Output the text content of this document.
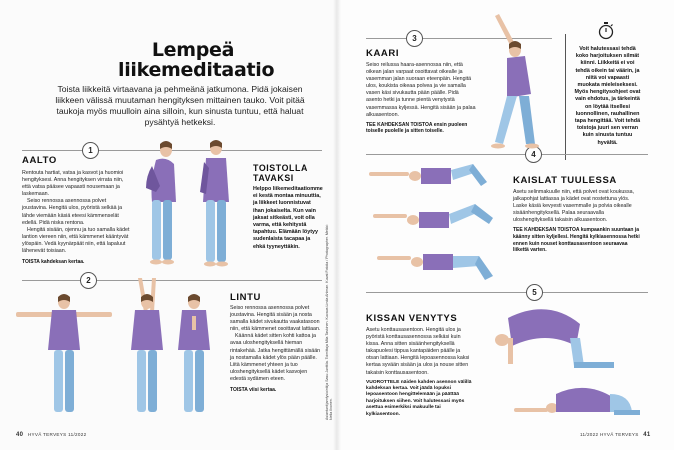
Lempeä liikemeditaatio
Toista liikkeitä virtaavana ja pehmeänä jatkumona. Pidä jokaisen liikkeen välissä muutaman hengityksen mittainen tauko. Voit pitää taukoja myös muulloin aina silloin, kun sinusta tuntuu, että haluat pysähtyä hetkeksi.
1
AALTO

Rentouta hartiat, vatsa ja kasvot ja huomioi hengityksesi. Anna hengityksen virrata niin, että vatsa pääsee vapaasti nousemaan ja laskemaan.

Seiso rennossa asennossa polvet joustavina. Hengitä ulos, pyöristä selkää ja lähde viemään käsiä eteesi kämmenselät edellä. Pidä niska rentona.

Hengitä sisään, ojennu ja tuo samalla kädet lantion viereen niin, että kämmenet kääntyvät ylöspäin. Vedä kyynärpäät niin, että lapaluut lähenevät toisiaan.

TOISTA kahdeksan kertaa.

TOISTOLLA TAVAKSI
Helppo liikemeditaatiomme ei kestä montaa minuuttia, ja liikkeet luonnistuvat ihan jokaiselta. Kun vain jaksat sitkeästi, voit olla varma, että kehitystä tapahtuu. Elämään löytyy sudenlaista tacapaa ja ehkä tyyneyttäkin.
2
LINTU

Seiso rennossa asennossa polvet joustavina. Hengitä sisään ja nosta samalla kädet sivukautta vaakatasoon niin, että kämmenet osoittavat lattiaan.

Käännä kädet sitten kohti kattoa ja avaa uloshengityksellä hieman rintakehää. Jatka hengittämällä sisään ja nostamalla kädet ylös pään päälle. Liitä kämmenet yhteen ja tuo uloshengityksellä kädet kasvojen edestä sydämen eteen.

TOISTA viisi kertaa.

40 HYVÄ TERVEYS 11/2022
Asiantuntijamfysiointiija Sasu Junttila. Toimittaja Mila Taskinen. Kuvaus Linda Ahlman. Kuvat Fotolia / Photographer. Meikki: Nella Ilvonen.
3
KAARI

Seiso reilussa haara-asennossa niin, että oikean jalan varpaat osoittavat oikealle ja vasemman jalan suoraan eteenpäin. Hengitä ulos, koukista oikeaa polvea ja vie samalla vasen käsi sivukautta pään päälle. Pidä asento hetki ja tunne pientä venytystä vasemmassa kyljessä. Hengitä sisään ja palaa alkuasentoon.

TEE KAHDEKSAN TOISTOA ensin puoleen toiselle puolelle ja sitten toiselle.

Voit halutessasi tehdä koko harjoituksen silmät kiinni. Liikkeitä ei voi tehdä oikein tai väärin, ja niitä voi vapaasti muokata mieleiseksesi. Myös hengitysohjeet ovat vain ehdotus, ja tärkeintä on löytää itsellesi luonnollinen, rauhallinen tapa hengittää. Voit tehdä toistoja juuri sen verran kuin sinusta tuntuu hyvältä.
4
KAISLAT TUULESSA

Asetu selinmakuulle niin, että polvet ovat koukussa, jalkapohjat lattiassa ja kädet ovat nostettuna ylös. Laske käsiä kevyesti vasemmalle ja polvia oikealle sisäänhengityksellä. Palaa seuraavalla uloshengityksellä takaisin alkuasentoon.

TEE KAHDEKSAN TOISTOA kumpaankin suuntaan ja käänny sitten kyljellesi. Hengitä kylkiasennossa hetki ennen kuin nouset konttausasentoon seuraavaa liikettä varten.

5
KISSAN VENYTYS

Asetu konttausasentoon. Hengitä ulos ja pyöristä konttausasennossa selkäsi kuin kissa. Anna sitten sisäänhengityksellä takapuolesi tippua kantapäiden päälle ja otsan lattiaan. Hengitä lepoasennossa kaksi kertaa syvään sisään ja ulos ja nouse sitten takaisin konttausasentoon.

VUOROTTELE näiden kahden asennon välillä kahdeksan kertaa. Voit jäädä lopuksi lepoasentoon hengittelemään ja päättää harjoituksen siihen. Voit halutessasi myös asettua esimerkiksi makuulle tai kylkiasentoon.

11/2022 HYVÄ TERVEYS 41
